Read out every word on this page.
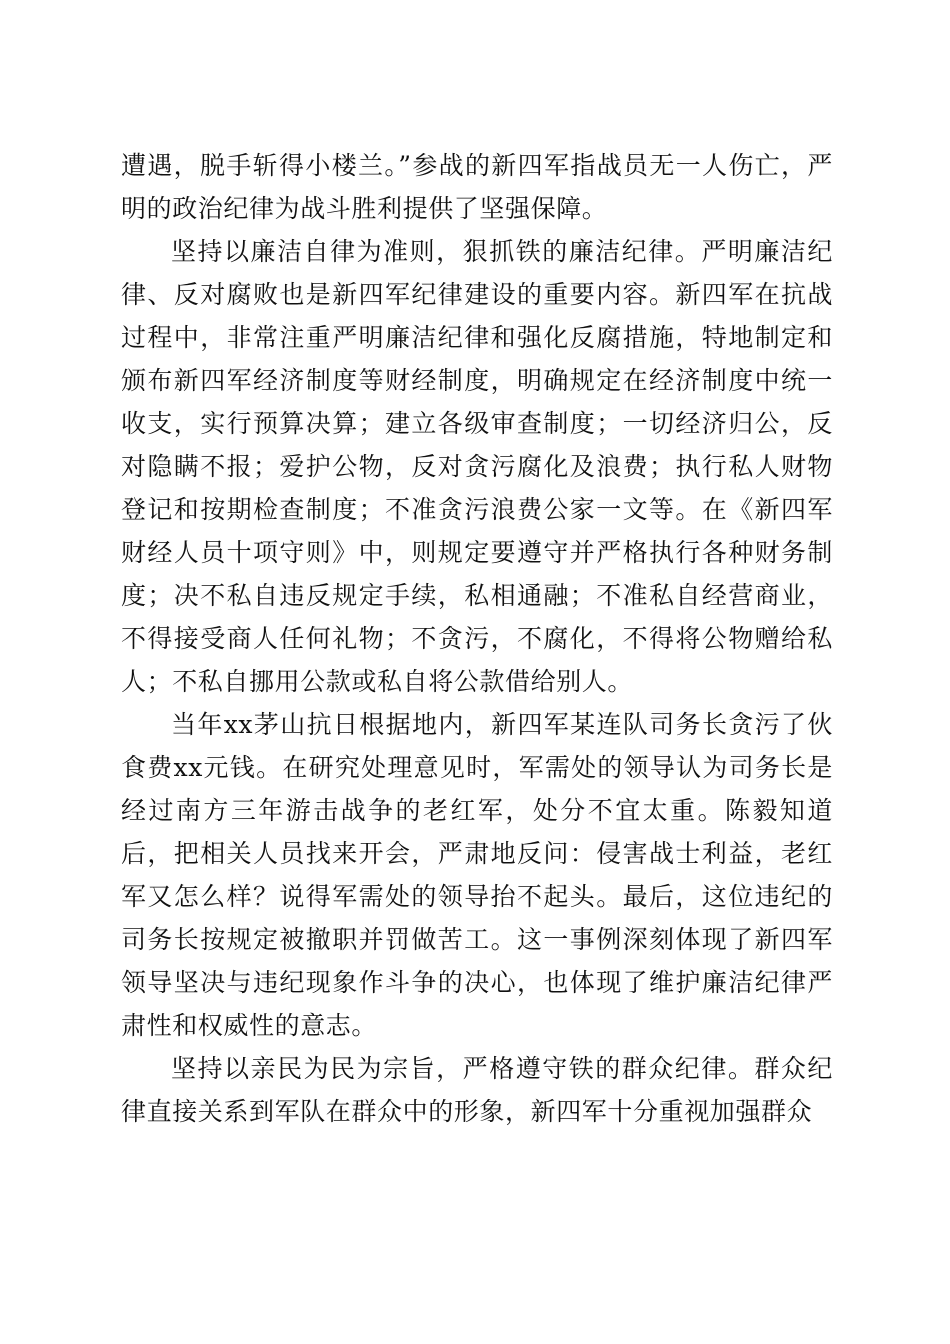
遭遇，脱手斩得小楼兰。”参战的新四军指战员无一人伤亡，严明的政治纪律为战斗胜利提供了坚强保障。

坚持以廉洁自律为准则，狠抓铁的廉洁纪律。严明廉洁纪律、反对腐败也是新四军纪律建设的重要内容。新四军在抗战过程中，非常注重严明廉洁纪律和强化反腐措施，特地制定和颁布新四军经济制度等财经制度，明确规定在经济制度中统一收支，实行预算决算；建立各级审查制度；一切经济归公，反对隐瞒不报；爱护公物，反对贪污腐化及浪费；执行私人财物登记和按期检查制度；不准贪污浪费公家一文等。在《新四军财经人员十项守则》中，则规定要遵守并严格执行各种财务制度；决不私自违反规定手续，私相通融；不准私自经营商业，不得接受商人任何礼物；不贪污，不腐化，不得将公物赠给私人；不私自挪用公款或私自将公款借给别人。

当年xx茅山抗日根据地内，新四军某连队司务长贪污了伙食费xx元钱。在研究处理意见时，军需处的领导认为司务长是经过南方三年游击战争的老红军，处分不宜太重。陈毅知道后，把相关人员找来开会，严肃地反问：侵害战士利益，老红军又怎么样？说得军需处的领导抬不起头。最后，这位违纪的司务长按规定被撤职并罚做苦工。这一事例深刻体现了新四军领导坚决与违纪现象作斗争的决心，也体现了维护廉洁纪律严肃性和权威性的意志。

坚持以亲民为民为宗旨，严格遵守铁的群众纪律。群众纪律直接关系到军队在群众中的形象，新四军十分重视加强群众
